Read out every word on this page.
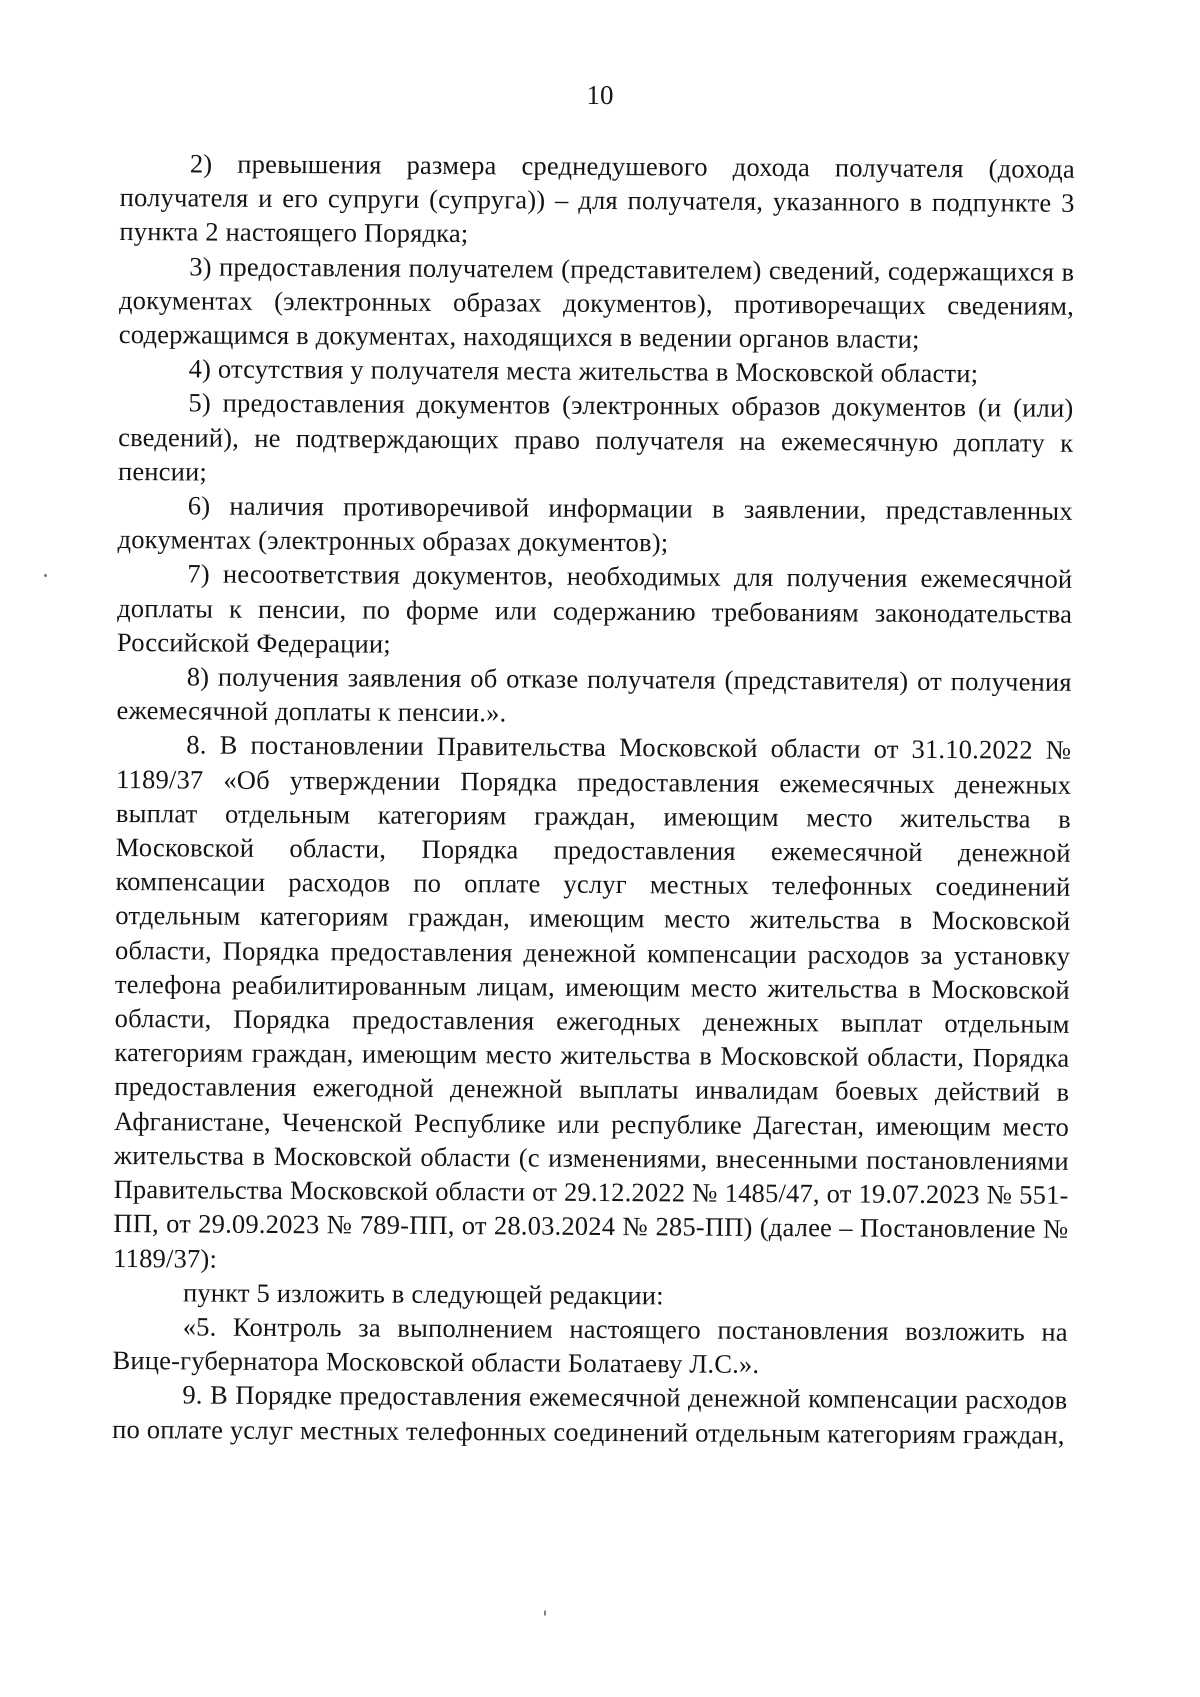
10

2) превышения размера среднедушевого дохода получателя (дохода получателя и его супруги (супруга)) – для получателя, указанного в подпункте 3 пункта 2 настоящего Порядка;

3) предоставления получателем (представителем) сведений, содержащихся в документах (электронных образах документов), противоречащих сведениям, содержащимся в документах, находящихся в ведении органов власти;

4) отсутствия у получателя места жительства в Московской области;

5) предоставления документов (электронных образов документов (и (или) сведений), не подтверждающих право получателя на ежемесячную доплату к пенсии;

6) наличия противоречивой информации в заявлении, представленных документах (электронных образах документов);

7) несоответствия документов, необходимых для получения ежемесячной доплаты к пенсии, по форме или содержанию требованиям законодательства Российской Федерации;

8) получения заявления об отказе получателя (представителя) от получения ежемесячной доплаты к пенсии.».

8. В постановлении Правительства Московской области от 31.10.2022 № 1189/37 «Об утверждении Порядка предоставления ежемесячных денежных выплат отдельным категориям граждан, имеющим место жительства в Московской области, Порядка предоставления ежемесячной денежной компенсации расходов по оплате услуг местных телефонных соединений отдельным категориям граждан, имеющим место жительства в Московской области, Порядка предоставления денежной компенсации расходов за установку телефона реабилитированным лицам, имеющим место жительства в Московской области, Порядка предоставления ежегодных денежных выплат отдельным категориям граждан, имеющим место жительства в Московской области, Порядка предоставления ежегодной денежной выплаты инвалидам боевых действий в Афганистане, Чеченской Республике или республике Дагестан, имеющим место жительства в Московской области (с изменениями, внесенными постановлениями Правительства Московской области от 29.12.2022 № 1485/47, от 19.07.2023 № 551-ПП, от 29.09.2023 № 789-ПП, от 28.03.2024 № 285-ПП) (далее – Постановление № 1189/37):

пункт 5 изложить в следующей редакции:

«5. Контроль за выполнением настоящего постановления возложить на Вице-губернатора Московской области Болатаеву Л.С.».

9. В Порядке предоставления ежемесячной денежной компенсации расходов по оплате услуг местных телефонных соединений отдельным категориям граждан,
